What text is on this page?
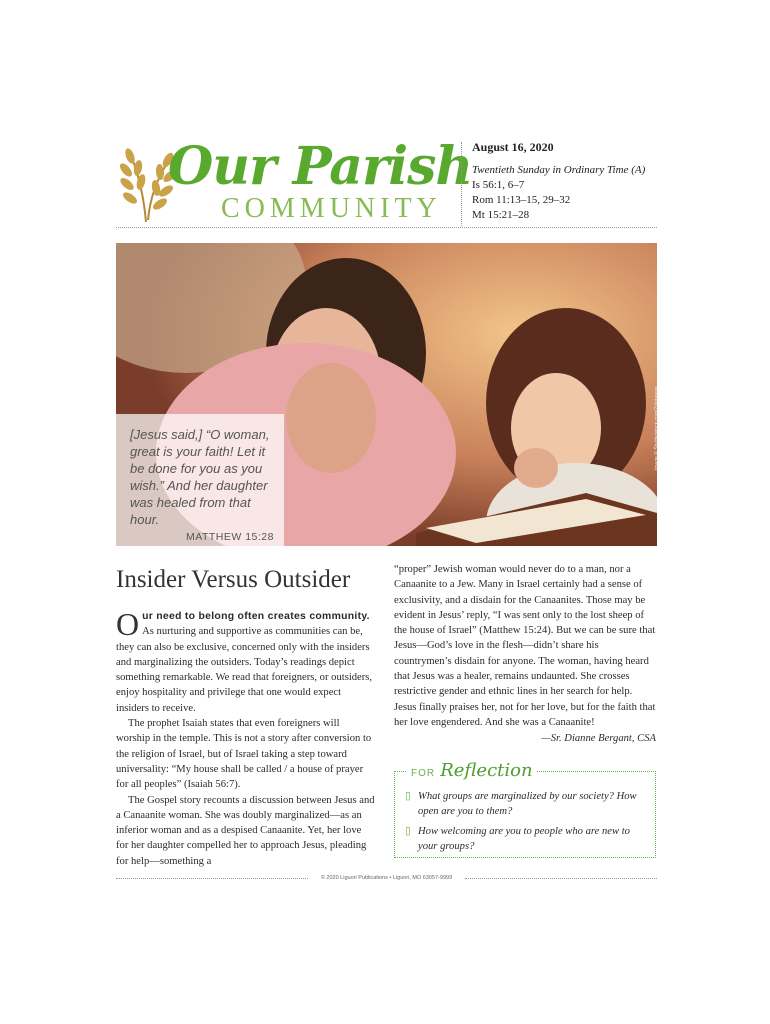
Our Parish
COMMUNITY
August 16, 2020
Twentieth Sunday in Ordinary Time (A)
Is 56:1, 6–7
Rom 11:13–15, 29–32
Mt 15:21–28
[Jesus said,] “O woman, great is your faith! Let it be done for you as you wish.” And her daughter was healed from that hour.
MATTHEW 15:28
Image © Shutterstock.com/Zolotarevs
Insider Versus Outsider

Our need to belong often creates community. As nurturing and supportive as communities can be, they can also be exclusive, concerned only with the insiders and marginalizing the outsiders. Today’s readings depict something remarkable. We read that foreigners, or outsiders, enjoy hospitality and privilege that one would expect insiders to receive.

The prophet Isaiah states that even foreigners will worship in the temple. This is not a story after conversion to the religion of Israel, but of Israel taking a step toward universality: “My house shall be called / a house of prayer for all peoples” (Isaiah 56:7).

The Gospel story recounts a discussion between Jesus and a Canaanite woman. She was doubly marginalized—as an inferior woman and as a despised Canaanite. Yet, her love for her daughter compelled her to approach Jesus, pleading for help—something a

“proper” Jewish woman would never do to a man, nor a Canaanite to a Jew. Many in Israel certainly had a sense of exclusivity, and a disdain for the Canaanites. Those may be evident in Jesus’ reply, “I was sent only to the lost sheep of the house of Israel” (Matthew 15:24). But we can be sure that Jesus—God’s love in the flesh—didn’t share his countrymen’s disdain for anyone. The woman, having heard that Jesus was a healer, remains undaunted. She crosses restrictive gender and ethnic lines in her search for help. Jesus finally praises her, not for her love, but for the faith that her love engendered. And she was a Canaanite!

—Sr. Dianne Bergant, CSA
FOR Reflection
▯ What groups are marginalized by our society? How open are you to them?
▯ How welcoming are you to people who are new to your groups?
© 2020 Liguori Publications • Liguori, MO 63057-9999
